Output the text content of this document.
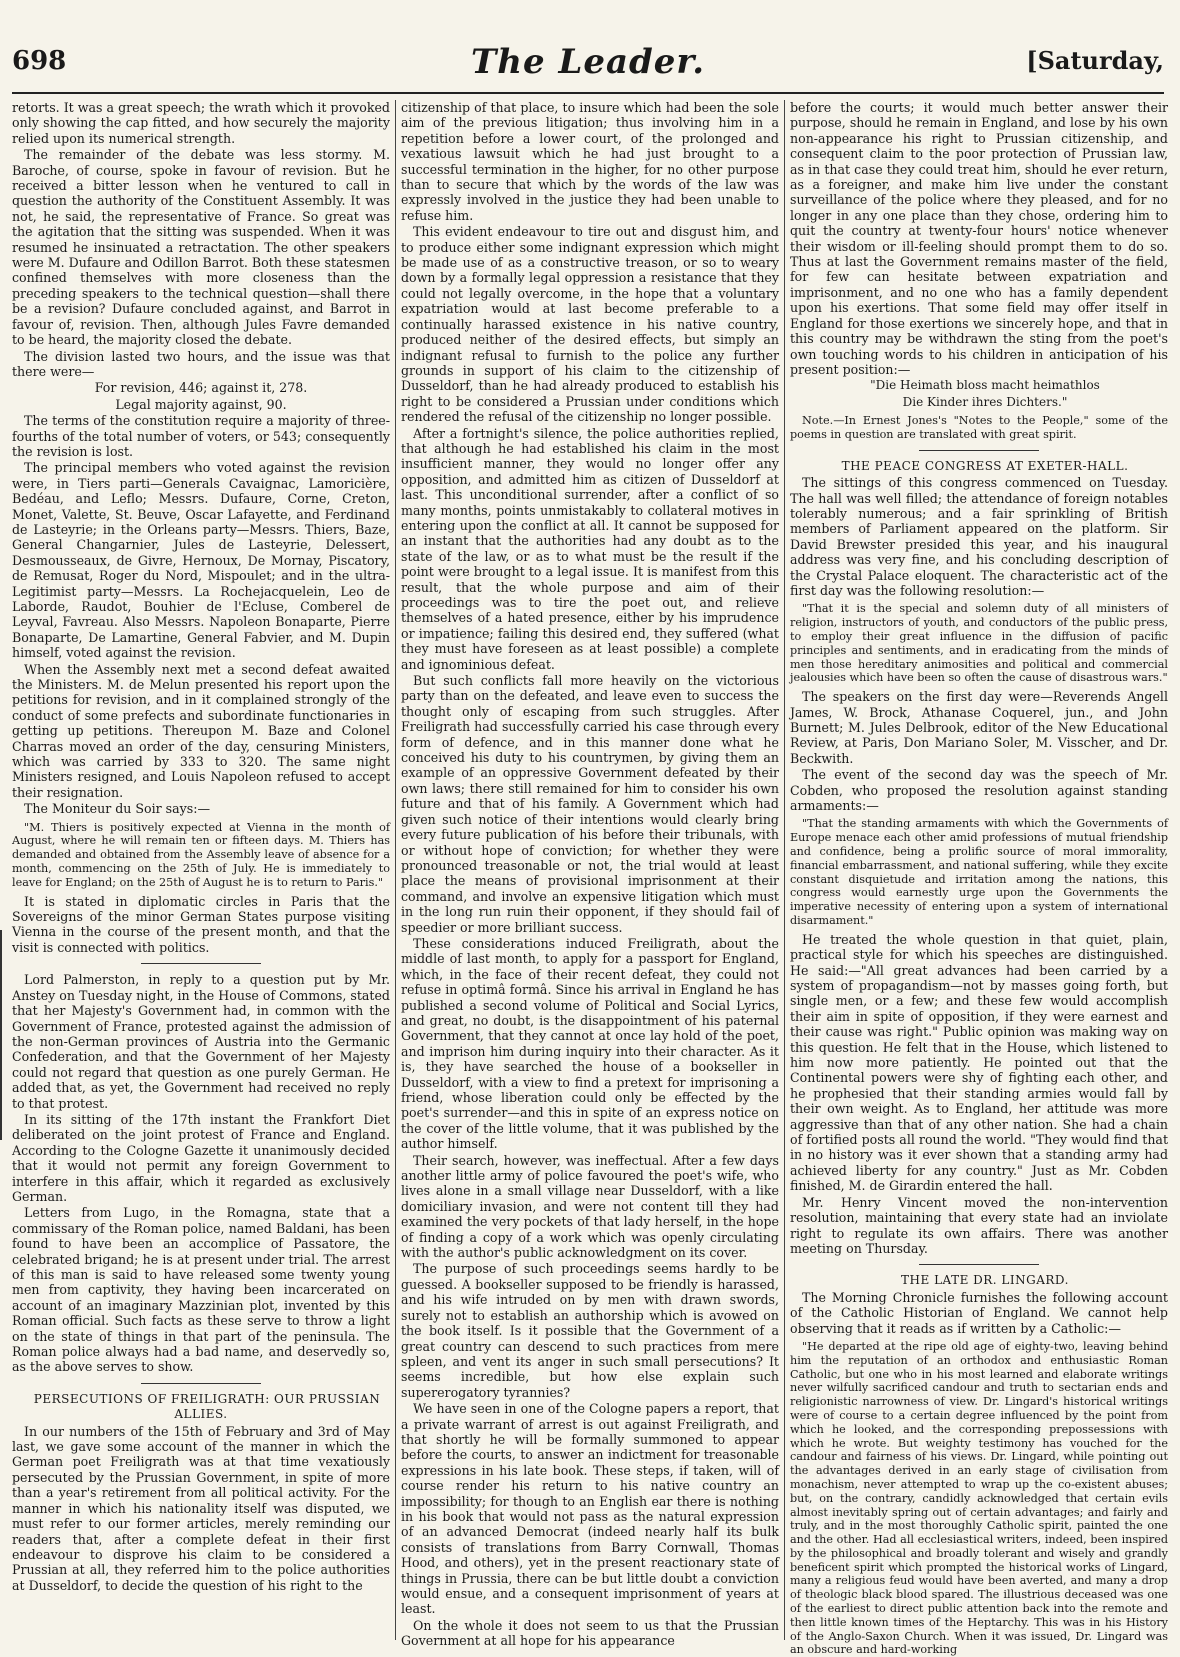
698	The Leader.	[Saturday,

retorts. It was a great speech; the wrath which it provoked only showing the cap fitted, and how securely the majority relied upon its numerical strength.

The remainder of the debate was less stormy. M. Baroche, of course, spoke in favour of revision. But he received a bitter lesson when he ventured to call in question the authority of the Constituent Assembly. It was not, he said, the representative of France. So great was the agitation that the sitting was suspended. When it was resumed he insinuated a retractation. The other speakers were M. Dufaure and Odillon Barrot. Both these statesmen confined themselves with more closeness than the preceding speakers to the technical question—shall there be a revision? Dufaure concluded against, and Barrot in favour of, revision. Then, although Jules Favre demanded to be heard, the majority closed the debate.

The division lasted two hours, and the issue was that there were—

For revision, 446; against it, 278.

Legal majority against, 90.

The terms of the constitution require a majority of three-fourths of the total number of voters, or 543; consequently the revision is lost.

The principal members who voted against the revision were, in Tiers parti—Generals Cavaignac, Lamoricière, Bedéau, and Leflo; Messrs. Dufaure, Corne, Creton, Monet, Valette, St. Beuve, Oscar Lafayette, and Ferdinand de Lasteyrie; in the Orleans party—Messrs. Thiers, Baze, General Changarnier, Jules de Lasteyrie, Delessert, Desmousseaux, de Givre, Hernoux, De Mornay, Piscatory, de Remusat, Roger du Nord, Mispoulet; and in the ultra-Legitimist party—Messrs. La Rochejacquelein, Leo de Laborde, Raudot, Bouhier de l'Ecluse, Comberel de Leyval, Favreau. Also Messrs. Napoleon Bonaparte, Pierre Bonaparte, De Lamartine, General Fabvier, and M. Dupin himself, voted against the revision.

When the Assembly next met a second defeat awaited the Ministers. M. de Melun presented his report upon the petitions for revision, and in it complained strongly of the conduct of some prefects and subordinate functionaries in getting up petitions. Thereupon M. Baze and Colonel Charras moved an order of the day, censuring Ministers, which was carried by 333 to 320. The same night Ministers resigned, and Louis Napoleon refused to accept their resignation.

The Moniteur du Soir says:—

"M. Thiers is positively expected at Vienna in the month of August, where he will remain ten or fifteen days. M. Thiers has demanded and obtained from the Assembly leave of absence for a month, commencing on the 25th of July. He is immediately to leave for England; on the 25th of August he is to return to Paris."

It is stated in diplomatic circles in Paris that the Sovereigns of the minor German States purpose visiting Vienna in the course of the present month, and that the visit is connected with politics.

Lord Palmerston, in reply to a question put by Mr. Anstey on Tuesday night, in the House of Commons, stated that her Majesty's Government had, in common with the Government of France, protested against the admission of the non-German provinces of Austria into the Germanic Confederation, and that the Government of her Majesty could not regard that question as one purely German. He added that, as yet, the Government had received no reply to that protest.

In its sitting of the 17th instant the Frankfort Diet deliberated on the joint protest of France and England. According to the Cologne Gazette it unanimously decided that it would not permit any foreign Government to interfere in this affair, which it regarded as exclusively German.

Letters from Lugo, in the Romagna, state that a commissary of the Roman police, named Baldani, has been found to have been an accomplice of Passatore, the celebrated brigand; he is at present under trial. The arrest of this man is said to have released some twenty young men from captivity, they having been incarcerated on account of an imaginary Mazzinian plot, invented by this Roman official. Such facts as these serve to throw a light on the state of things in that part of the peninsula. The Roman police always had a bad name, and deservedly so, as the above serves to show.

PERSECUTIONS OF FREILIGRATH: OUR PRUSSIAN ALLIES.

In our numbers of the 15th of February and 3rd of May last, we gave some account of the manner in which the German poet Freiligrath was at that time vexatiously persecuted by the Prussian Government, in spite of more than a year's retirement from all political activity. For the manner in which his nationality itself was disputed, we must refer to our former articles, merely reminding our readers that, after a complete defeat in their first endeavour to disprove his claim to be considered a Prussian at all, they referred him to the police authorities at Dusseldorf, to decide the question of his right to the

citizenship of that place, to insure which had been the sole aim of the previous litigation; thus involving him in a repetition before a lower court, of the prolonged and vexatious lawsuit which he had just brought to a successful termination in the higher, for no other purpose than to secure that which by the words of the law was expressly involved in the justice they had been unable to refuse him.

This evident endeavour to tire out and disgust him, and to produce either some indignant expression which might be made use of as a constructive treason, or so to weary down by a formally legal oppression a resistance that they could not legally overcome, in the hope that a voluntary expatriation would at last become preferable to a continually harassed existence in his native country, produced neither of the desired effects, but simply an indignant refusal to furnish to the police any further grounds in support of his claim to the citizenship of Dusseldorf, than he had already produced to establish his right to be considered a Prussian under conditions which rendered the refusal of the citizenship no longer possible.

After a fortnight's silence, the police authorities replied, that although he had established his claim in the most insufficient manner, they would no longer offer any opposition, and admitted him as citizen of Dusseldorf at last. This unconditional surrender, after a conflict of so many months, points unmistakably to collateral motives in entering upon the conflict at all. It cannot be supposed for an instant that the authorities had any doubt as to the state of the law, or as to what must be the result if the point were brought to a legal issue. It is manifest from this result, that the whole purpose and aim of their proceedings was to tire the poet out, and relieve themselves of a hated presence, either by his imprudence or impatience; failing this desired end, they suffered (what they must have foreseen as at least possible) a complete and ignominious defeat.

But such conflicts fall more heavily on the victorious party than on the defeated, and leave even to success the thought only of escaping from such struggles. After Freiligrath had successfully carried his case through every form of defence, and in this manner done what he conceived his duty to his countrymen, by giving them an example of an oppressive Government defeated by their own laws; there still remained for him to consider his own future and that of his family. A Government which had given such notice of their intentions would clearly bring every future publication of his before their tribunals, with or without hope of conviction; for whether they were pronounced treasonable or not, the trial would at least place the means of provisional imprisonment at their command, and involve an expensive litigation which must in the long run ruin their opponent, if they should fail of speedier or more brilliant success.

These considerations induced Freiligrath, about the middle of last month, to apply for a passport for England, which, in the face of their recent defeat, they could not refuse in optimâ formâ. Since his arrival in England he has published a second volume of Political and Social Lyrics, and great, no doubt, is the disappointment of his paternal Government, that they cannot at once lay hold of the poet, and imprison him during inquiry into their character. As it is, they have searched the house of a bookseller in Dusseldorf, with a view to find a pretext for imprisoning a friend, whose liberation could only be effected by the poet's surrender—and this in spite of an express notice on the cover of the little volume, that it was published by the author himself.

Their search, however, was ineffectual. After a few days another little army of police favoured the poet's wife, who lives alone in a small village near Dusseldorf, with a like domiciliary invasion, and were not content till they had examined the very pockets of that lady herself, in the hope of finding a copy of a work which was openly circulating with the author's public acknowledgment on its cover.

The purpose of such proceedings seems hardly to be guessed. A bookseller supposed to be friendly is harassed, and his wife intruded on by men with drawn swords, surely not to establish an authorship which is avowed on the book itself. Is it possible that the Government of a great country can descend to such practices from mere spleen, and vent its anger in such small persecutions? It seems incredible, but how else explain such supererogatory tyrannies?

We have seen in one of the Cologne papers a report, that a private warrant of arrest is out against Freiligrath, and that shortly he will be formally summoned to appear before the courts, to answer an indictment for treasonable expressions in his late book. These steps, if taken, will of course render his return to his native country an impossibility; for though to an English ear there is nothing in his book that would not pass as the natural expression of an advanced Democrat (indeed nearly half its bulk consists of translations from Barry Cornwall, Thomas Hood, and others), yet in the present reactionary state of things in Prussia, there can be but little doubt a conviction would ensue, and a consequent imprisonment of years at least.

On the whole it does not seem to us that the Prussian Government at all hope for his appearance

before the courts; it would much better answer their purpose, should he remain in England, and lose by his own non-appearance his right to Prussian citizenship, and consequent claim to the poor protection of Prussian law, as in that case they could treat him, should he ever return, as a foreigner, and make him live under the constant surveillance of the police where they pleased, and for no longer in any one place than they chose, ordering him to quit the country at twenty-four hours' notice whenever their wisdom or ill-feeling should prompt them to do so. Thus at last the Government remains master of the field, for few can hesitate between expatriation and imprisonment, and no one who has a family dependent upon his exertions. That some field may offer itself in England for those exertions we sincerely hope, and that in this country may be withdrawn the sting from the poet's own touching words to his children in anticipation of his present position:—

"Die Heimath bloss macht heimathlos

Die Kinder ihres Dichters."

Note.—In Ernest Jones's "Notes to the People," some of the poems in question are translated with great spirit.

THE PEACE CONGRESS AT EXETER-HALL.

The sittings of this congress commenced on Tuesday. The hall was well filled; the attendance of foreign notables tolerably numerous; and a fair sprinkling of British members of Parliament appeared on the platform. Sir David Brewster presided this year, and his inaugural address was very fine, and his concluding description of the Crystal Palace eloquent. The characteristic act of the first day was the following resolution:—

"That it is the special and solemn duty of all ministers of religion, instructors of youth, and conductors of the public press, to employ their great influence in the diffusion of pacific principles and sentiments, and in eradicating from the minds of men those hereditary animosities and political and commercial jealousies which have been so often the cause of disastrous wars."

The speakers on the first day were—Reverends Angell James, W. Brock, Athanase Coquerel, jun., and John Burnett; M. Jules Delbrook, editor of the New Educational Review, at Paris, Don Mariano Soler, M. Visscher, and Dr. Beckwith.

The event of the second day was the speech of Mr. Cobden, who proposed the resolution against standing armaments:—

"That the standing armaments with which the Governments of Europe menace each other amid professions of mutual friendship and confidence, being a prolific source of moral immorality, financial embarrassment, and national suffering, while they excite constant disquietude and irritation among the nations, this congress would earnestly urge upon the Governments the imperative necessity of entering upon a system of international disarmament."

He treated the whole question in that quiet, plain, practical style for which his speeches are distinguished. He said:—"All great advances had been carried by a system of propagandism—not by masses going forth, but single men, or a few; and these few would accomplish their aim in spite of opposition, if they were earnest and their cause was right." Public opinion was making way on this question. He felt that in the House, which listened to him now more patiently. He pointed out that the Continental powers were shy of fighting each other, and he prophesied that their standing armies would fall by their own weight. As to England, her attitude was more aggressive than that of any other nation. She had a chain of fortified posts all round the world. "They would find that in no history was it ever shown that a standing army had achieved liberty for any country." Just as Mr. Cobden finished, M. de Girardin entered the hall.

Mr. Henry Vincent moved the non-intervention resolution, maintaining that every state had an inviolate right to regulate its own affairs. There was another meeting on Thursday.

THE LATE DR. LINGARD.

The Morning Chronicle furnishes the following account of the Catholic Historian of England. We cannot help observing that it reads as if written by a Catholic:—

"He departed at the ripe old age of eighty-two, leaving behind him the reputation of an orthodox and enthusiastic Roman Catholic, but one who in his most learned and elaborate writings never wilfully sacrificed candour and truth to sectarian ends and religionistic narrowness of view. Dr. Lingard's historical writings were of course to a certain degree influenced by the point from which he looked, and the corresponding prepossessions with which he wrote. But weighty testimony has vouched for the candour and fairness of his views. Dr. Lingard, while pointing out the advantages derived in an early stage of civilisation from monachism, never attempted to wrap up the co-existent abuses; but, on the contrary, candidly acknowledged that certain evils almost inevitably spring out of certain advantages; and fairly and truly, and in the most thoroughly Catholic spirit, painted the one and the other. Had all ecclesiastical writers, indeed, been inspired by the philosophical and broadly tolerant and wisely and grandly beneficent spirit which prompted the historical works of Lingard, many a religious feud would have been averted, and many a drop of theologic black blood spared. The illustrious deceased was one of the earliest to direct public attention back into the remote and then little known times of the Heptarchy. This was in his History of the Anglo-Saxon Church. When it was issued, Dr. Lingard was an obscure and hard-working
